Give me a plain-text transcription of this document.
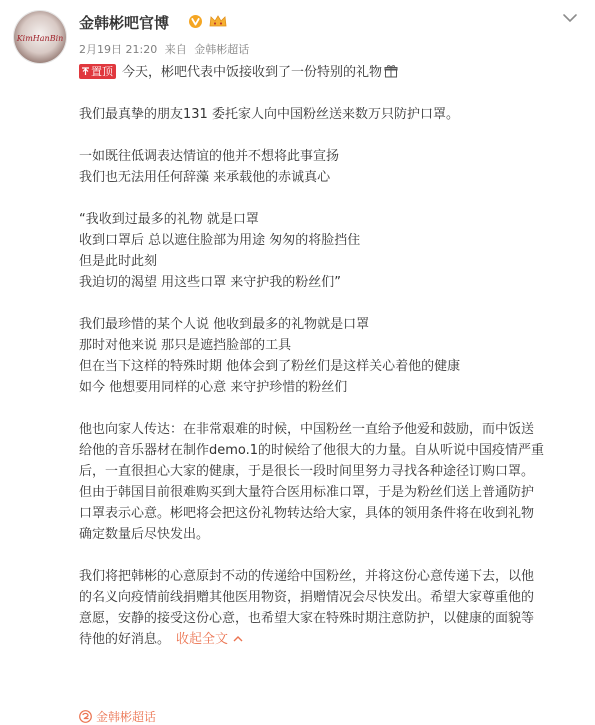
KimHanBin
金韩彬吧官博
2月19日 21:20 来自 金韩彬超话
置顶 今天，彬吧代表中饭接收到了一份特别的礼物
我们最真挚的朋友131 委托家人向中国粉丝送来数万只防护口罩。
一如既往低调表达情谊的他并不想将此事宣扬
我们也无法用任何辞藻 来承载他的赤诚真心
“我收到过最多的礼物 就是口罩
收到口罩后 总以遮住脸部为用途 匆匆的将脸挡住
但是此时此刻
我迫切的渴望 用这些口罩 来守护我的粉丝们”
我们最珍惜的某个人说 他收到最多的礼物就是口罩
那时对他来说 那只是遮挡脸部的工具
但在当下这样的特殊时期 他体会到了粉丝们是这样关心着他的健康
如今 他想要用同样的心意 来守护珍惜的粉丝们
他也向家人传达：在非常艰难的时候，中国粉丝一直给予他爱和鼓励，而中饭送
给他的音乐器材在制作demo.1的时候给了他很大的力量。自从听说中国疫情严重
后，一直很担心大家的健康，于是很长一段时间里努力寻找各种途径订购口罩。
但由于韩国目前很难购买到大量符合医用标准口罩，于是为粉丝们送上普通防护
口罩表示心意。彬吧将会把这份礼物转达给大家，具体的领用条件将在收到礼物
确定数量后尽快发出。
我们将把韩彬的心意原封不动的传递给中国粉丝，并将这份心意传递下去，以他
的名义向疫情前线捐赠其他医用物资，捐赠情况会尽快发出。希望大家尊重他的
意愿，安静的接受这份心意，也希望大家在特殊时期注意防护，以健康的面貌等
待他的好消息。 收起全文
金韩彬超话
